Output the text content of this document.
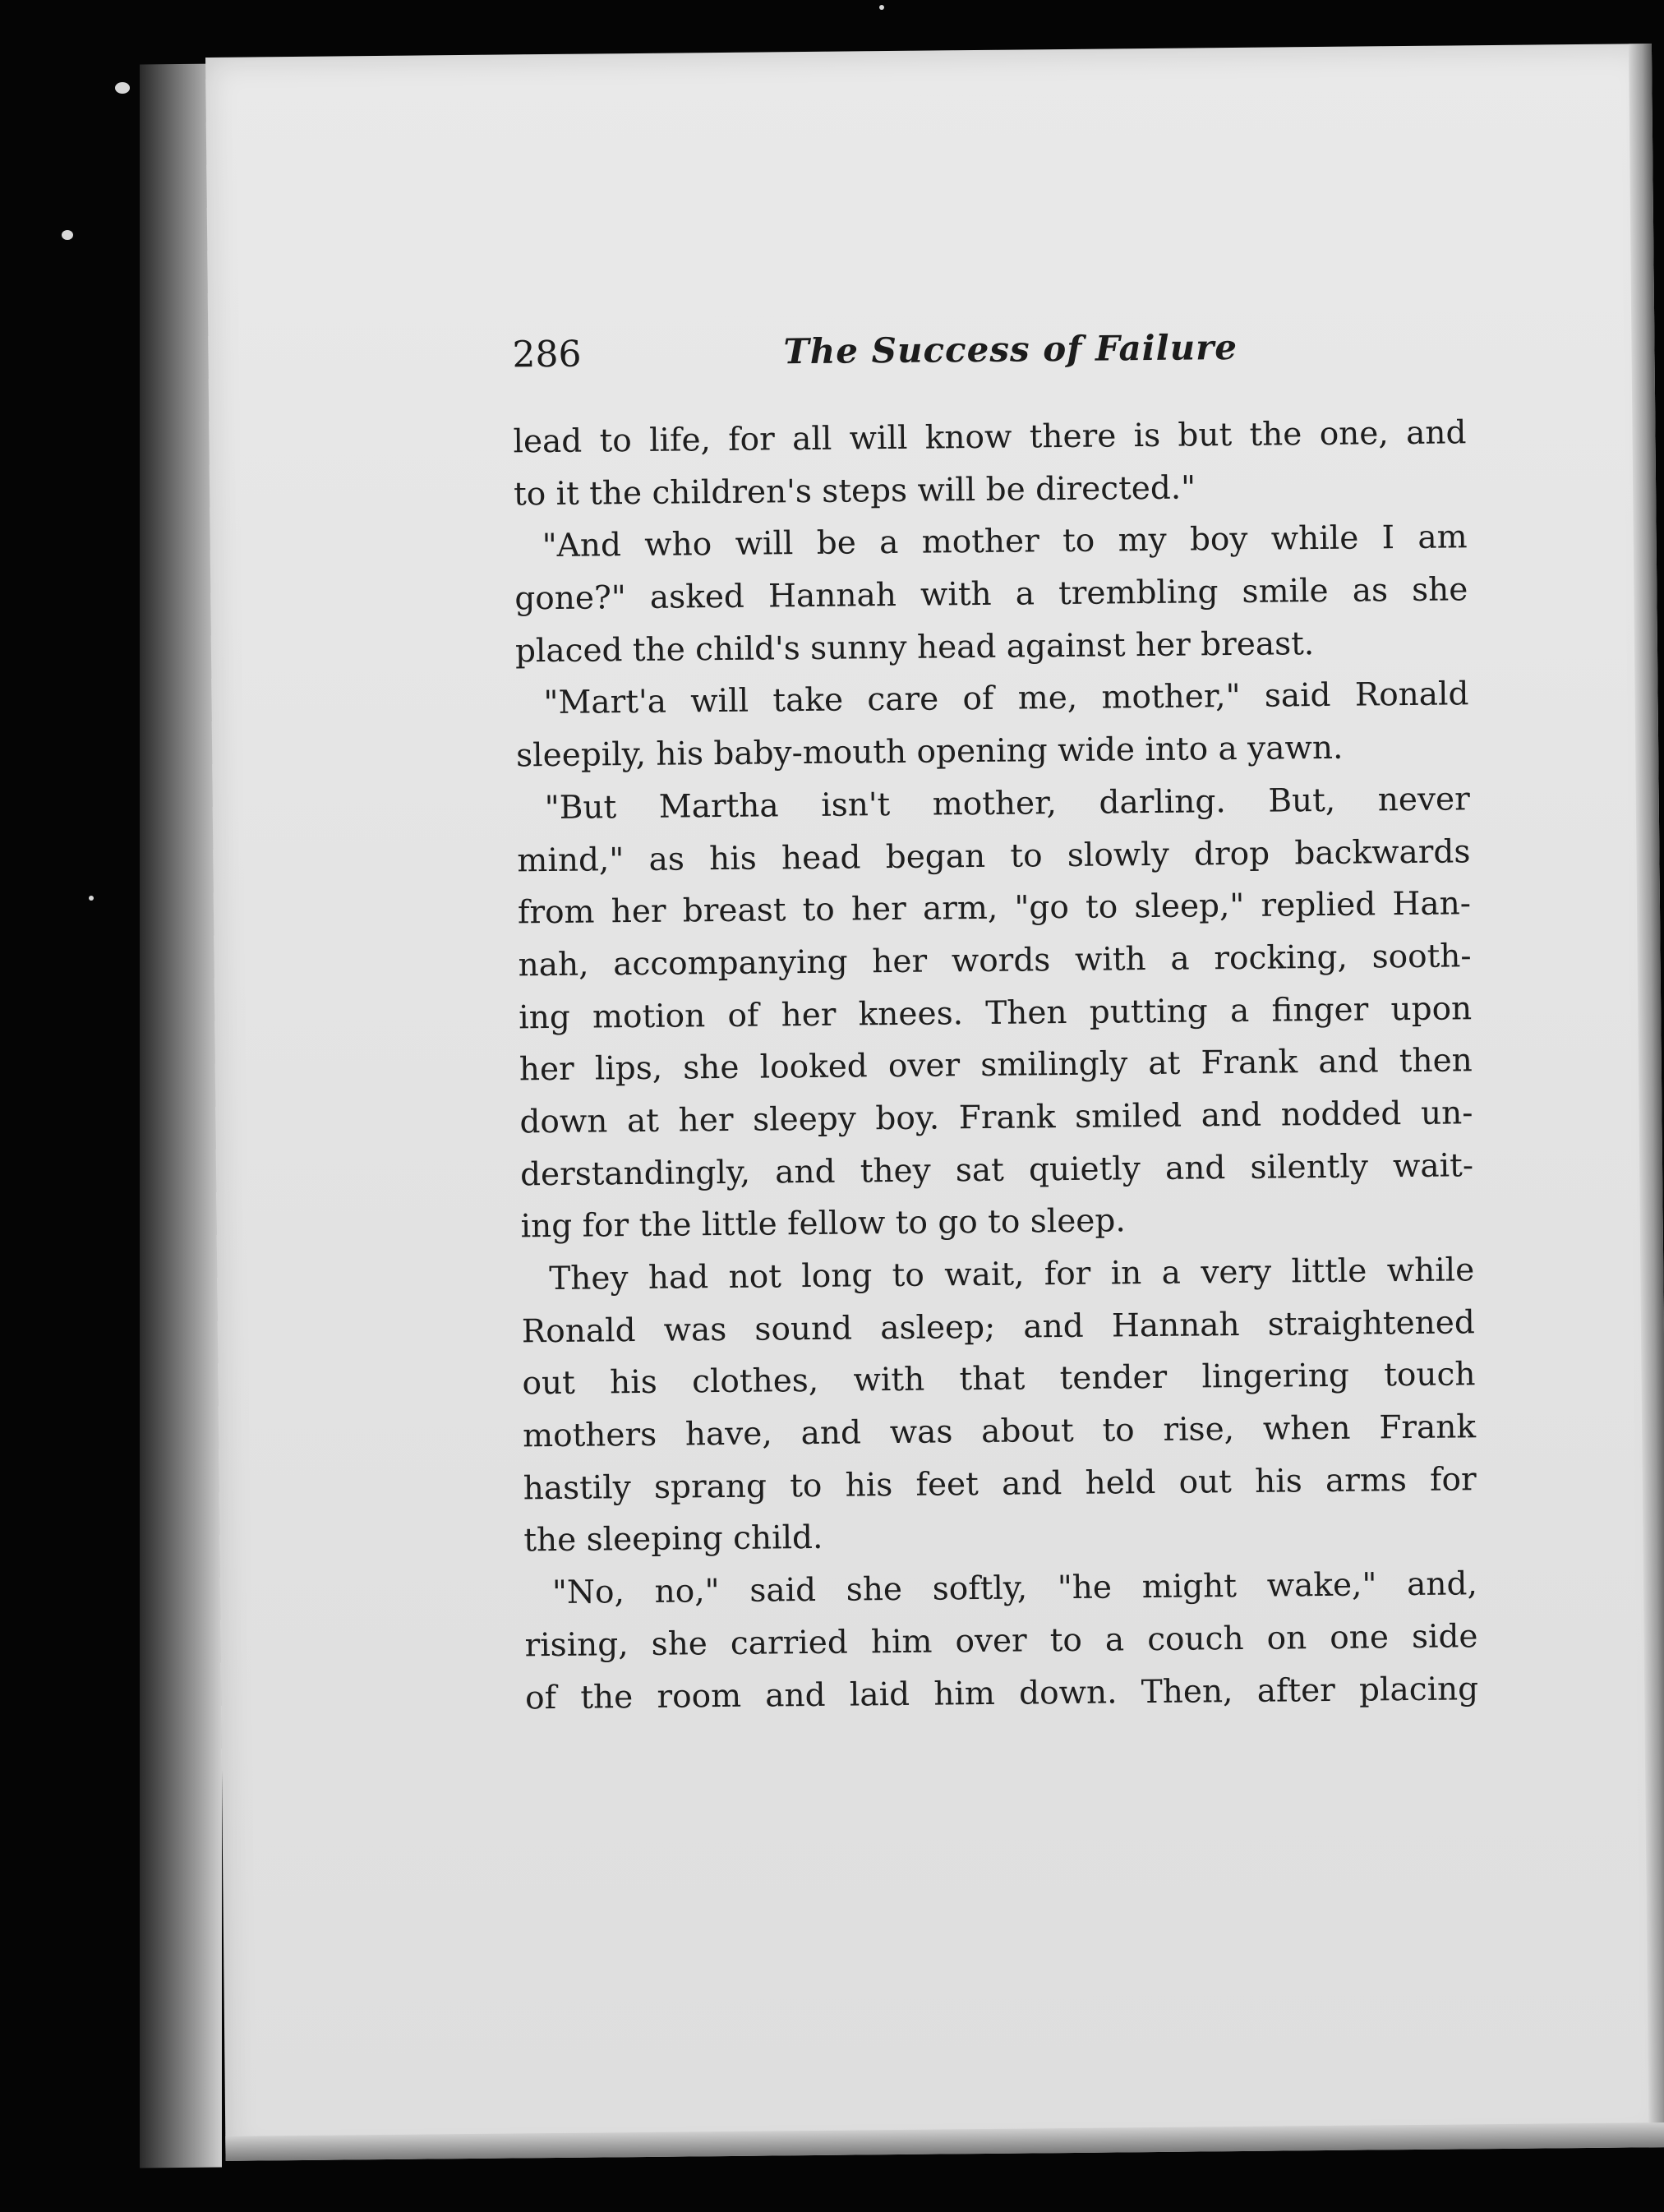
286	The Success of Failure
lead to life, for all will know there is but the one, and
to it the children's steps will be directed."
"And who will be a mother to my boy while I am
gone?" asked Hannah with a trembling smile as she
placed the child's sunny head against her breast.
"Mart'a will take care of me, mother," said Ronald
sleepily, his baby-mouth opening wide into a yawn.
"But Martha isn't mother, darling. But, never
mind," as his head began to slowly drop backwards
from her breast to her arm, "go to sleep," replied Han-
nah, accompanying her words with a rocking, sooth-
ing motion of her knees. Then putting a finger upon
her lips, she looked over smilingly at Frank and then
down at her sleepy boy. Frank smiled and nodded un-
derstandingly, and they sat quietly and silently wait-
ing for the little fellow to go to sleep.
They had not long to wait, for in a very little while
Ronald was sound asleep; and Hannah straightened
out his clothes, with that tender lingering touch
mothers have, and was about to rise, when Frank
hastily sprang to his feet and held out his arms for
the sleeping child.
"No, no," said she softly, "he might wake," and,
rising, she carried him over to a couch on one side
of the room and laid him down. Then, after placing
